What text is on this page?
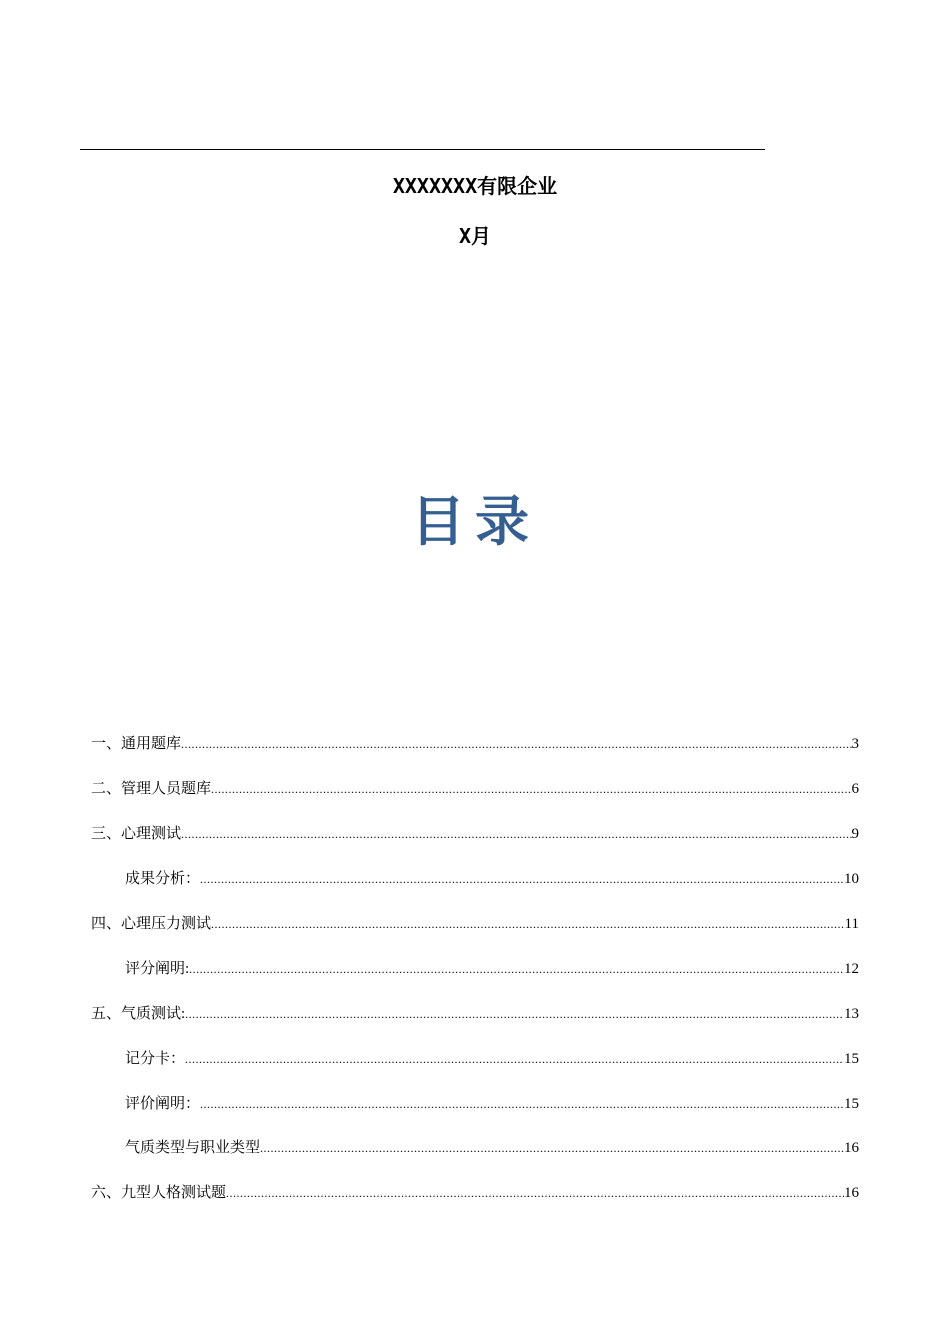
XXXXXXX有限企业
X月
目录
一、通用题库 .....	3
二、管理人员题库 .....	6
三、心理测试 .....	9
成果分析： .....	10
四、心理压力测试 .....	11
评分阐明: .....	12
五、气质测试: .....	13
记分卡： .....	15
评价阐明： .....	15
气质类型与职业类型 .....	16
六、九型人格测试题 .....	16
